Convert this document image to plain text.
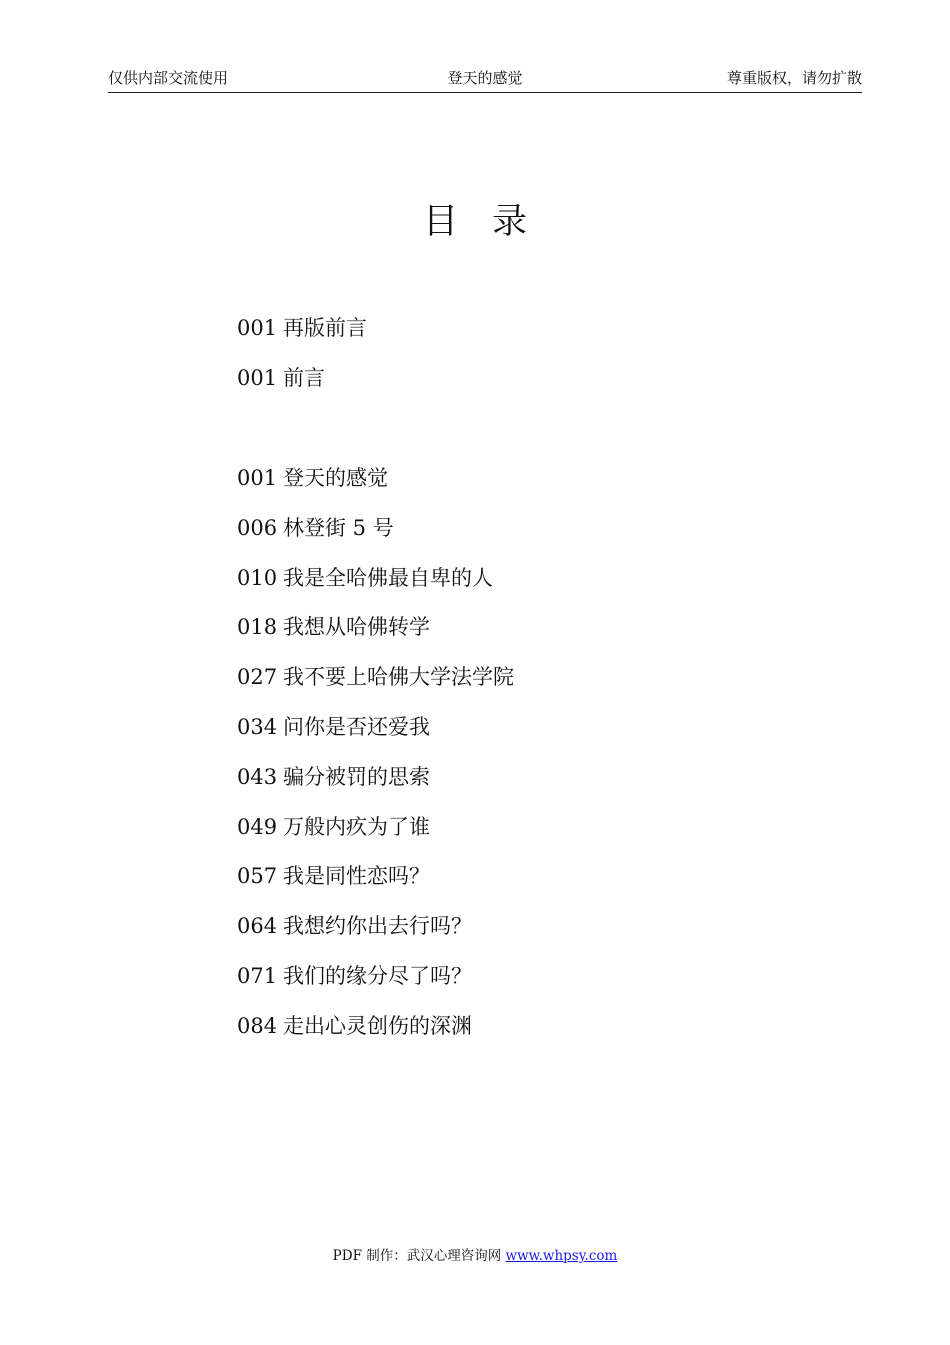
仅供内部交流使用	登天的感觉	尊重版权，请勿扩散
目 录
001 再版前言
001 前言
001 登天的感觉
006 林登街 5 号
010 我是全哈佛最自卑的人
018 我想从哈佛转学
027 我不要上哈佛大学法学院
034 问你是否还爱我
043 骗分被罚的思索
049 万般内疚为了谁
057 我是同性恋吗？
064 我想约你出去行吗？
071 我们的缘分尽了吗？
084 走出心灵创伤的深渊
PDF 制作：武汉心理咨询网 www.whpsy.com
